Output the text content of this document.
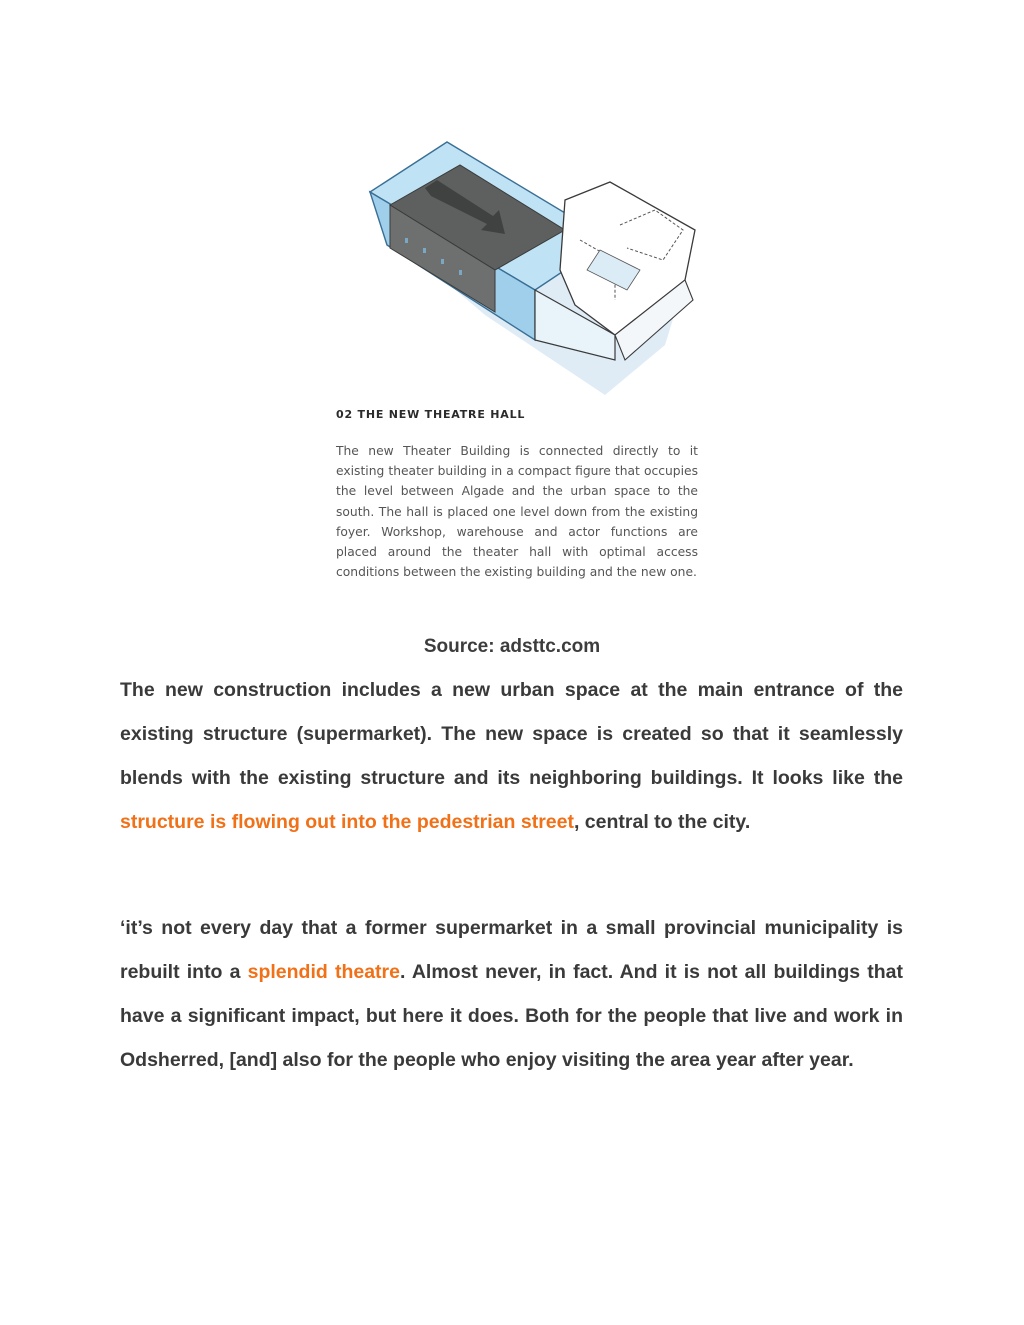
02 THE NEW THEATRE HALL
The new Theater Building is connected directly to it existing theater building in a compact figure that occupies the level between Algade and the urban space to the south. The hall is placed one level down from the existing foyer. Workshop, warehouse and actor functions are placed around the theater hall with optimal access conditions between the existing building and the new one.
Source: adsttc.com

The new construction includes a new urban space at the main entrance of the existing structure (supermarket). The new space is created so that it seamlessly blends with the existing structure and its neighboring buildings. It looks like the structure is flowing out into the pedestrian street, central to the city.

‘it’s not every day that a former supermarket in a small provincial municipality is rebuilt into a splendid theatre. Almost never, in fact. And it is not all buildings that have a significant impact, but here it does. Both for the people that live and work in Odsherred, [and] also for the people who enjoy visiting the area year after year.
